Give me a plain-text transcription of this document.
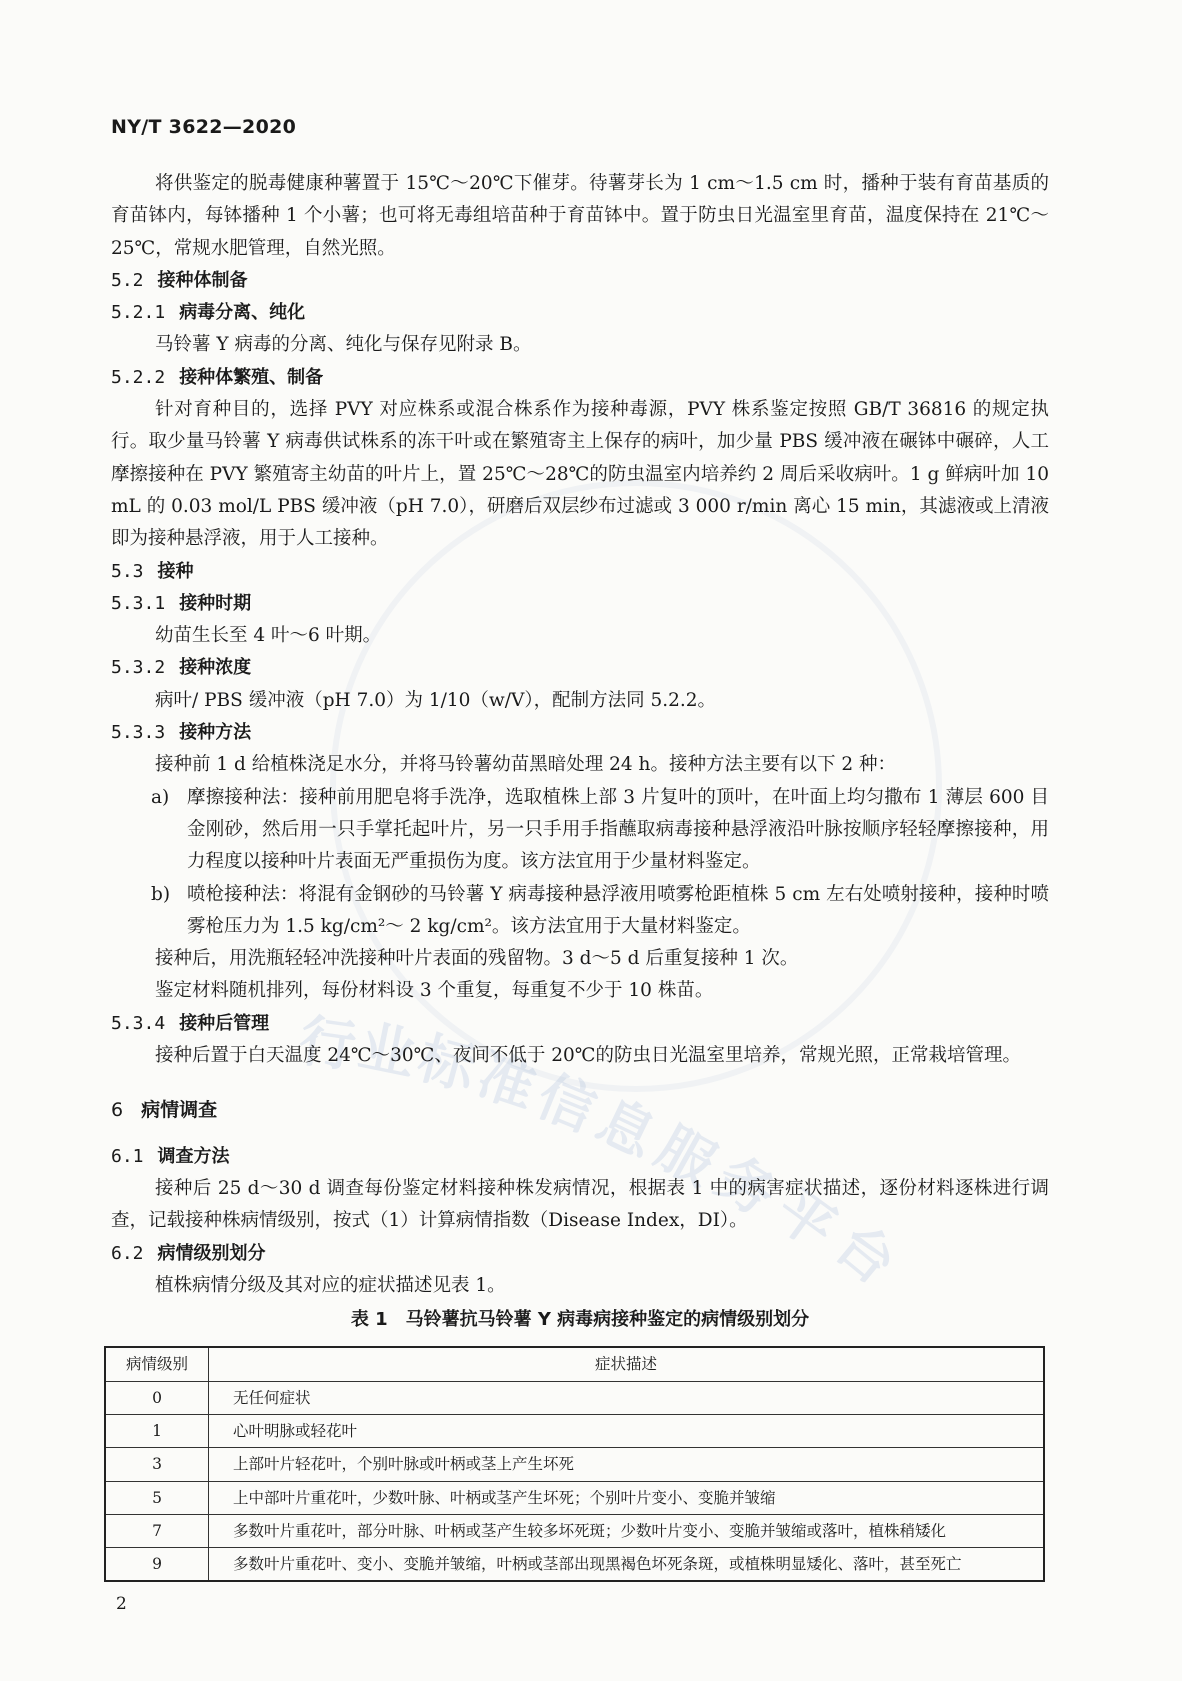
行
业
标
准
信
息
服
务
平
台
NY/T 3622—2020
将供鉴定的脱毒健康种薯置于 15℃～20℃下催芽。待薯芽长为 1 cm～1.5 cm 时，播种于装有育苗基质的育苗钵内，每钵播种 1 个小薯；也可将无毒组培苗种于育苗钵中。置于防虫日光温室里育苗，温度保持在 21℃～25℃，常规水肥管理，自然光照。
5.2 接种体制备
5.2.1 病毒分离、纯化
马铃薯 Y 病毒的分离、纯化与保存见附录 B。
5.2.2 接种体繁殖、制备
针对育种目的，选择 PVY 对应株系或混合株系作为接种毒源，PVY 株系鉴定按照 GB/T 36816 的规定执行。取少量马铃薯 Y 病毒供试株系的冻干叶或在繁殖寄主上保存的病叶，加少量 PBS 缓冲液在碾钵中碾碎，人工摩擦接种在 PVY 繁殖寄主幼苗的叶片上，置 25℃～28℃的防虫温室内培养约 2 周后采收病叶。1 g 鲜病叶加 10 mL 的 0.03 mol/L PBS 缓冲液（pH 7.0），研磨后双层纱布过滤或 3 000 r/min 离心 15 min，其滤液或上清液即为接种悬浮液，用于人工接种。
5.3 接种
5.3.1 接种时期
幼苗生长至 4 叶～6 叶期。
5.3.2 接种浓度
病叶/ PBS 缓冲液（pH 7.0）为 1/10（w/V），配制方法同 5.2.2。
5.3.3 接种方法
接种前 1 d 给植株浇足水分，并将马铃薯幼苗黑暗处理 24 h。接种方法主要有以下 2 种：
a) 摩擦接种法：接种前用肥皂将手洗净，选取植株上部 3 片复叶的顶叶，在叶面上均匀撒布 1 薄层 600 目金刚砂，然后用一只手掌托起叶片，另一只手用手指蘸取病毒接种悬浮液沿叶脉按顺序轻轻摩擦接种，用力程度以接种叶片表面无严重损伤为度。该方法宜用于少量材料鉴定。
b) 喷枪接种法：将混有金钢砂的马铃薯 Y 病毒接种悬浮液用喷雾枪距植株 5 cm 左右处喷射接种，接种时喷雾枪压力为 1.5 kg/cm²～ 2 kg/cm²。该方法宜用于大量材料鉴定。
接种后，用洗瓶轻轻冲洗接种叶片表面的残留物。3 d～5 d 后重复接种 1 次。
鉴定材料随机排列，每份材料设 3 个重复，每重复不少于 10 株苗。
5.3.4 接种后管理
接种后置于白天温度 24℃～30℃、夜间不低于 20℃的防虫日光温室里培养，常规光照，正常栽培管理。
6 病情调查
6.1 调查方法
接种后 25 d～30 d 调查每份鉴定材料接种株发病情况，根据表 1 中的病害症状描述，逐份材料逐株进行调查，记载接种株病情级别，按式（1）计算病情指数（Disease Index，DI）。
6.2 病情级别划分
植株病情分级及其对应的症状描述见表 1。
表 1　马铃薯抗马铃薯 Y 病毒病接种鉴定的病情级别划分
病情级别	症状描述
0	无任何症状
1	心叶明脉或轻花叶
3	上部叶片轻花叶，个别叶脉或叶柄或茎上产生坏死
5	上中部叶片重花叶，少数叶脉、叶柄或茎产生坏死；个别叶片变小、变脆并皱缩
7	多数叶片重花叶，部分叶脉、叶柄或茎产生较多坏死斑；少数叶片变小、变脆并皱缩或落叶，植株稍矮化
9	多数叶片重花叶、变小、变脆并皱缩，叶柄或茎部出现黑褐色坏死条斑，或植株明显矮化、落叶，甚至死亡
2
